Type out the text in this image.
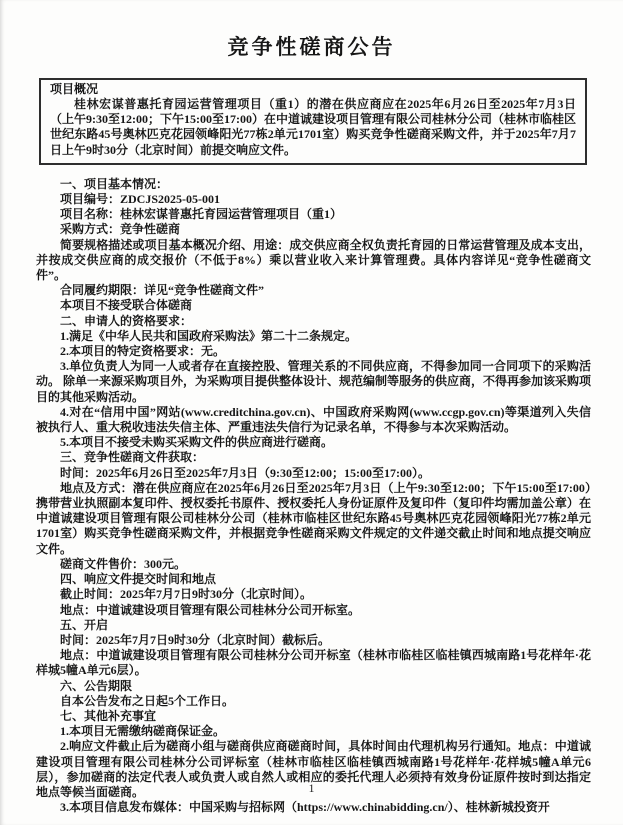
竞争性磋商公告
项目概况

桂林宏谋普惠托育园运营管理项目（重1）的潜在供应商应在2025年6月26日至2025年7月3日（上午9:30至12:00；下午15:00至17:00）在中道诚建设项目管理有限公司桂林分公司（桂林市临桂区世纪东路45号奥林匹克花园领峰阳光77栋2单元1701室）购买竞争性磋商采购文件，并于2025年7月7日上午9时30分（北京时间）前提交响应文件。

一、项目基本情况：

项目编号：ZDCJS2025-05-001

项目名称：桂林宏谋普惠托育园运营管理项目（重1）

采购方式：竞争性磋商

简要规格描述或项目基本概况介绍、用途：成交供应商全权负责托育园的日常运营管理及成本支出，并按成交供应商的成交报价（不低于8%）乘以营业收入来计算管理费。具体内容详见“竞争性磋商文件”。

合同履约期限：详见“竞争性磋商文件”

本项目不接受联合体磋商

二、申请人的资格要求：

1.满足《中华人民共和国政府采购法》第二十二条规定。

2.本项目的特定资格要求：无。

3.单位负责人为同一人或者存在直接控股、管理关系的不同供应商，不得参加同一合同项下的采购活动。 除单一来源采购项目外，为采购项目提供整体设计、规范编制等服务的供应商，不得再参加该采购项目的其他采购活动。

4.对在“信用中国”网站(www.creditchina.gov.cn)、中国政府采购网(www.ccgp.gov.cn)等渠道列入失信被执行人、重大税收违法失信主体、严重违法失信行为记录名单，不得参与本次采购活动。

5.本项目不接受未购买采购文件的供应商进行磋商。

三、竞争性磋商文件获取：

时间：2025年6月26日至2025年7月3日（9:30至12:00；15:00至17:00）。

地点及方式：潜在供应商应在2025年6月26日至2025年7月3日（上午9:30至12:00；下午15:00至17:00）携带营业执照副本复印件、授权委托书原件、授权委托人身份证原件及复印件（复印件均需加盖公章）在中道诚建设项目管理有限公司桂林分公司（桂林市临桂区世纪东路45号奥林匹克花园领峰阳光77栋2单元1701室）购买竞争性磋商采购文件，并根据竞争性磋商采购文件规定的文件递交截止时间和地点提交响应文件。

磋商文件售价：300元。

四、响应文件提交时间和地点

截止时间：2025年7月7日9时30分（北京时间）。

地点：中道诚建设项目管理有限公司桂林分公司开标室。

五、开启

时间：2025年7月7日9时30分（北京时间）截标后。

地点：中道诚建设项目管理有限公司桂林分公司开标室（桂林市临桂区临桂镇西城南路1号花样年·花样城5幢A单元6层）。

六、公告期限

自本公告发布之日起5个工作日。

七、其他补充事宜

1.本项目无需缴纳磋商保证金。

2.响应文件截止后为磋商小组与磋商供应商磋商时间，具体时间由代理机构另行通知。地点：中道诚建设项目管理有限公司桂林分公司评标室（桂林市临桂区临桂镇西城南路1号花样年·花样城5幢A单元6层），参加磋商的法定代表人或负责人或自然人或相应的委托代理人必须持有效身份证原件按时到达指定地点等候当面磋商。

3.本项目信息发布媒体：中国采购与招标网（https://www.chinabidding.cn/）、桂林新城投资开

1
